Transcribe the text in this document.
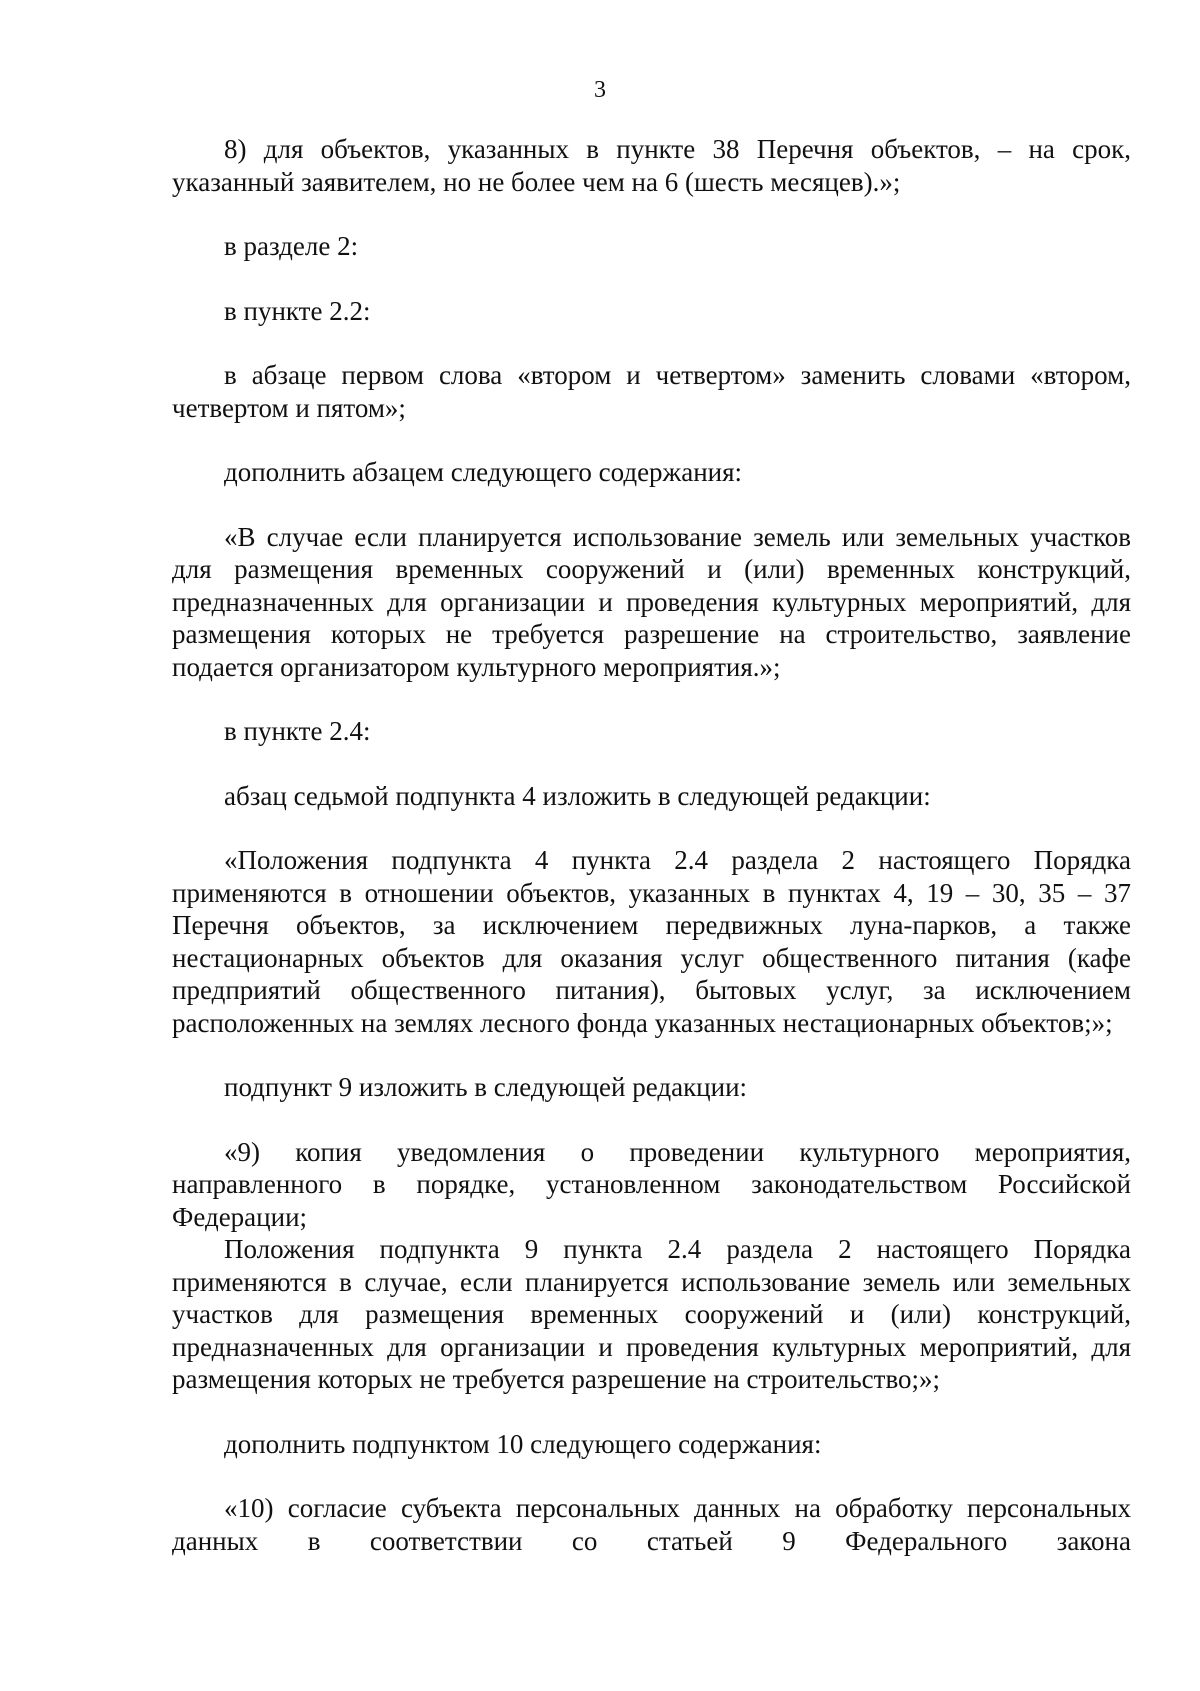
3

8) для объектов, указанных в пункте 38 Перечня объектов, – на срок, указанный заявителем, но не более чем на 6 (шесть месяцев).»;

в разделе 2:

в пункте 2.2:

в абзаце первом слова «втором и четвертом» заменить словами «втором, четвертом и пятом»;

дополнить абзацем следующего содержания:

«В случае если планируется использование земель или земельных участков для размещения временных сооружений и (или) временных конструкций, предназначенных для организации и проведения культурных мероприятий, для размещения которых не требуется разрешение на строительство, заявление подается организатором культурного мероприятия.»;

в пункте 2.4:

абзац седьмой подпункта 4 изложить в следующей редакции:

«Положения подпункта 4 пункта 2.4 раздела 2 настоящего Порядка применяются в отношении объектов, указанных в пунктах 4, 19 – 30, 35 – 37 Перечня объектов, за исключением передвижных луна-парков, а также нестационарных объектов для оказания услуг общественного питания (кафе предприятий общественного питания), бытовых услуг, за исключением расположенных на землях лесного фонда указанных нестационарных объектов;»;

подпункт 9 изложить в следующей редакции:

«9) копия уведомления о проведении культурного мероприятия, направленного в порядке, установленном законодательством Российской Федерации;

Положения подпункта 9 пункта 2.4 раздела 2 настоящего Порядка применяются в случае, если планируется использование земель или земельных участков для размещения временных сооружений и (или) конструкций, предназначенных для организации и проведения культурных мероприятий, для размещения которых не требуется разрешение на строительство;»;

дополнить подпунктом 10 следующего содержания:

«10) согласие субъекта персональных данных на обработку персональных данных в соответствии со статьей 9 Федерального закона
